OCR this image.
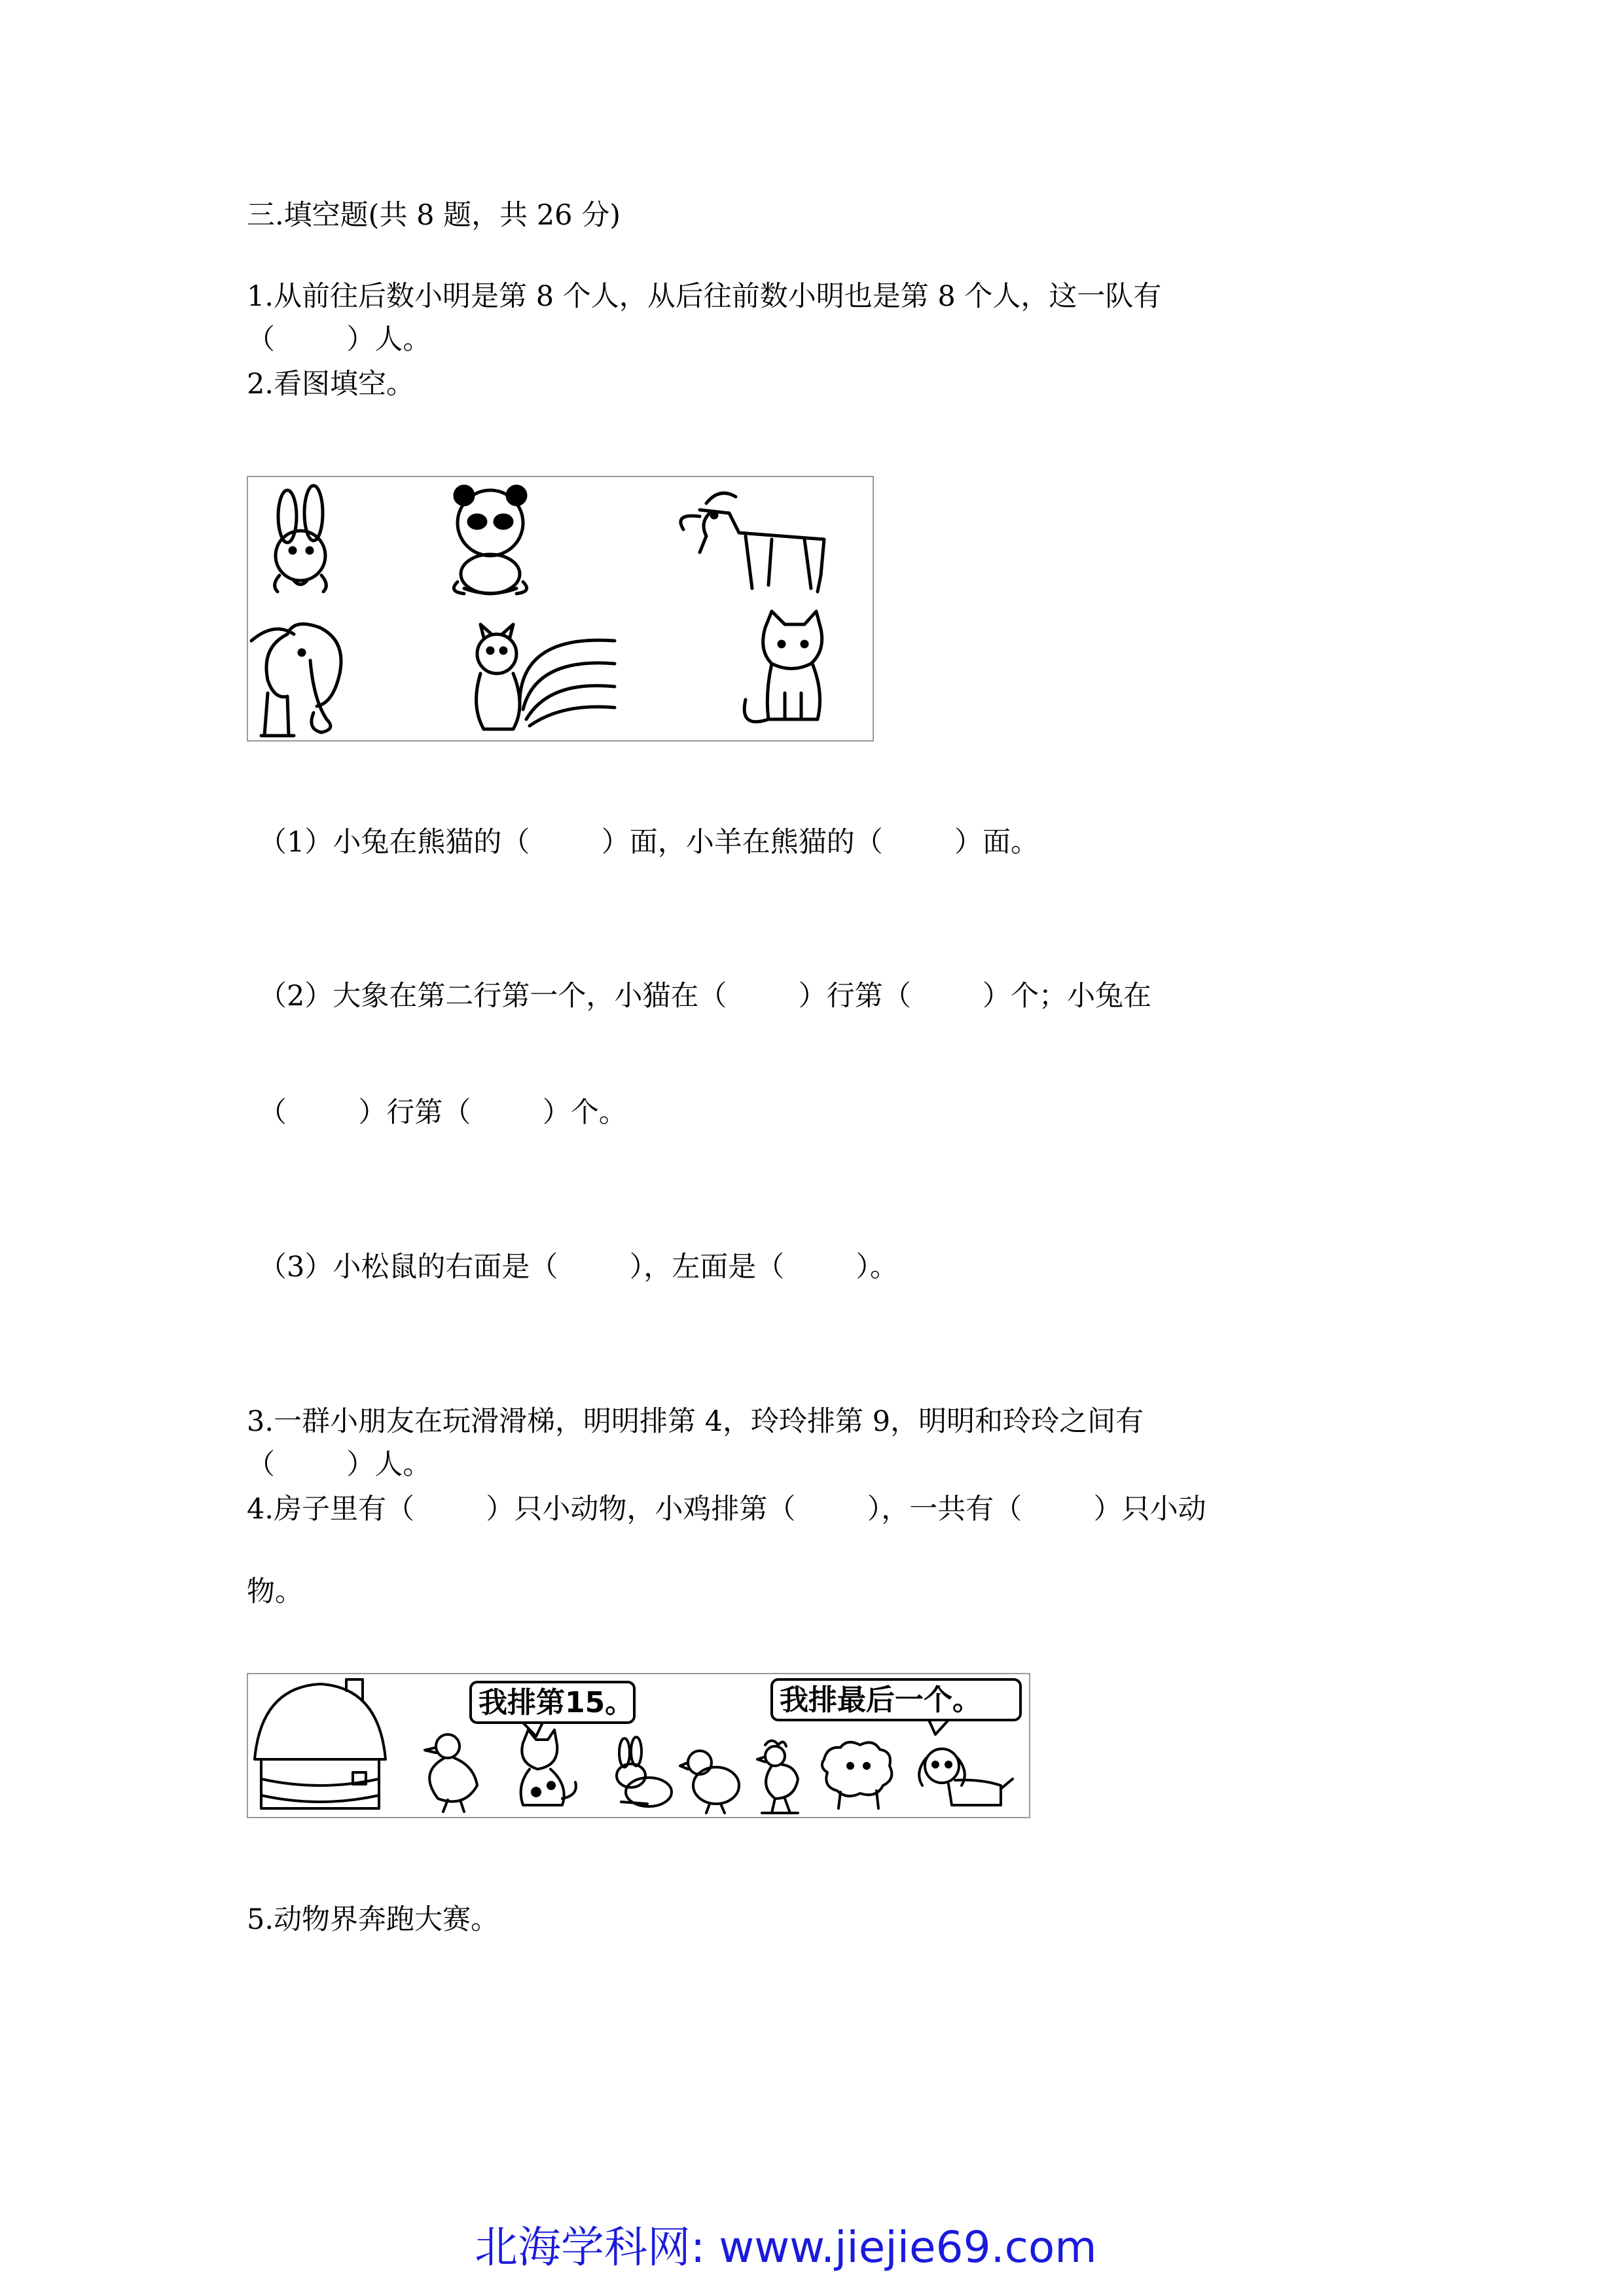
三.填空题(共 8 题，共 26 分)
1.从前往后数小明是第 8 个人，从后往前数小明也是第 8 个人，这一队有
（        ）人。
2.看图填空。
（1）小兔在熊猫的（        ）面，小羊在熊猫的（        ）面。
（2）大象在第二行第一个，小猫在（        ）行第（        ）个；小兔在
（        ）行第（        ）个。
（3）小松鼠的右面是（        ），左面是（        ）。
3.一群小朋友在玩滑滑梯，明明排第 4，玲玲排第 9，明明和玲玲之间有
（        ）人。
4.房子里有（        ）只小动物，小鸡排第（        ），一共有（        ）只小动
物。
我排第15。	我排最后一个。
5.动物界奔跑大赛。
北海学科网: www.jiejie69.com
